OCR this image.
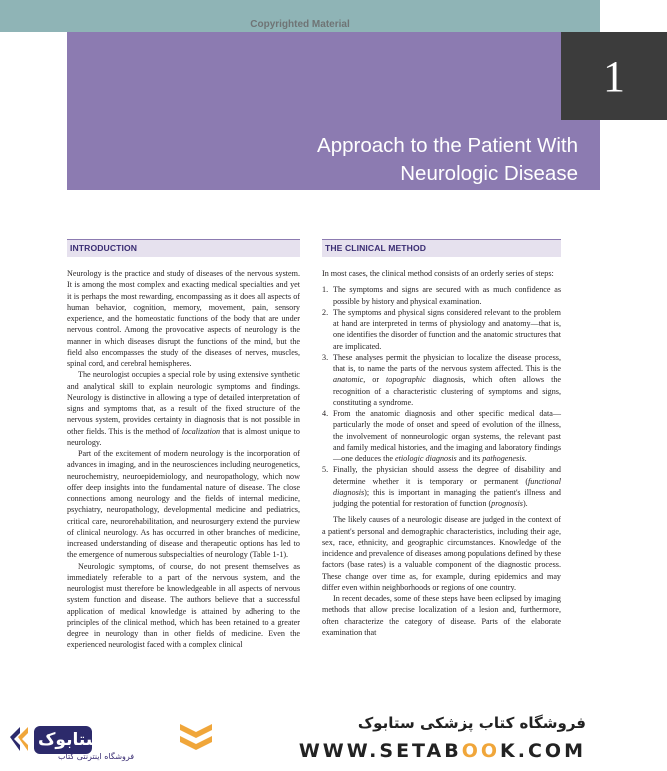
Copyrighted Material
1
Approach to the Patient With
Neurologic Disease
INTRODUCTION

Neurology is the practice and study of diseases of the nervous system. It is among the most complex and exacting medical specialties and yet it is perhaps the most rewarding, encompassing as it does all aspects of human behavior, cognition, memory, movement, pain, sensory experience, and the homeostatic functions of the body that are under nervous control. Among the provocative aspects of neurology is the manner in which diseases disrupt the functions of the mind, but the field also encompasses the study of the diseases of nerves, muscles, spinal cord, and cerebral hemispheres.

The neurologist occupies a special role by using extensive synthetic and analytical skill to explain neurologic symptoms and findings. Neurology is distinctive in allowing a type of detailed interpretation of signs and symptoms that, as a result of the fixed structure of the nervous system, provides certainty in diagnosis that is not possible in other fields. This is the method of localization that is almost unique to neurology.

Part of the excitement of modern neurology is the incorporation of advances in imaging, and in the neurosciences including neurogenetics, neurochemistry, neuroepidemiology, and neuropathology, which now offer deep insights into the fundamental nature of disease. The close connections among neurology and the fields of internal medicine, psychiatry, neuropathology, developmental medicine and pediatrics, critical care, neurorehabilitation, and neurosurgery extend the purview of clinical neurology. As has occurred in other branches of medicine, increased understanding of disease and therapeutic options has led to the emergence of numerous subspecialties of neurology (Table 1-1).

Neurologic symptoms, of course, do not present themselves as immediately referable to a part of the nervous system, and the neurologist must therefore be knowledgeable in all aspects of nervous system function and disease. The authors believe that a successful application of medical knowledge is attained by adhering to the principles of the clinical method, which has been retained to a greater degree in neurology than in other fields of medicine. Even the experienced neurologist faced with a complex clinical

THE CLINICAL METHOD

In most cases, the clinical method consists of an orderly series of steps:

1. The symptoms and signs are secured with as much confidence as possible by history and physical examination.
2. The symptoms and physical signs considered relevant to the problem at hand are interpreted in terms of physiology and anatomy—that is, one identifies the disorder of function and the anatomic structures that are implicated.
3. These analyses permit the physician to localize the disease process, that is, to name the parts of the nervous system affected. This is the anatomic, or topographic diagnosis, which often allows the recognition of a characteristic clustering of symptoms and signs, constituting a syndrome.
4. From the anatomic diagnosis and other specific medical data—particularly the mode of onset and speed of evolution of the illness, the involvement of nonneurologic organ systems, the relevant past and family medical histories, and the imaging and laboratory findings—one deduces the etiologic diagnosis and its pathogenesis.
5. Finally, the physician should assess the degree of disability and determine whether it is temporary or permanent (functional diagnosis); this is important in managing the patient's illness and judging the potential for restoration of function (prognosis).

The likely causes of a neurologic disease are judged in the context of a patient's personal and demographic characteristics, including their age, sex, race, ethnicity, and geographic circumstances. Knowledge of the incidence and prevalence of diseases among populations defined by these factors (base rates) is a valuable component of the diagnostic process. These change over time as, for example, during epidemics and may differ even within neighborhoods or regions of one country.

In recent decades, some of these steps have been eclipsed by imaging methods that allow precise localization of a lesion and, furthermore, often characterize the category of disease. Parts of the elaborate examination that

ستابوک
فروشگاه اینترنتی کتاب
فروشگاه کتاب پزشکی ستابوک
WWW.SETABOOK.COM
